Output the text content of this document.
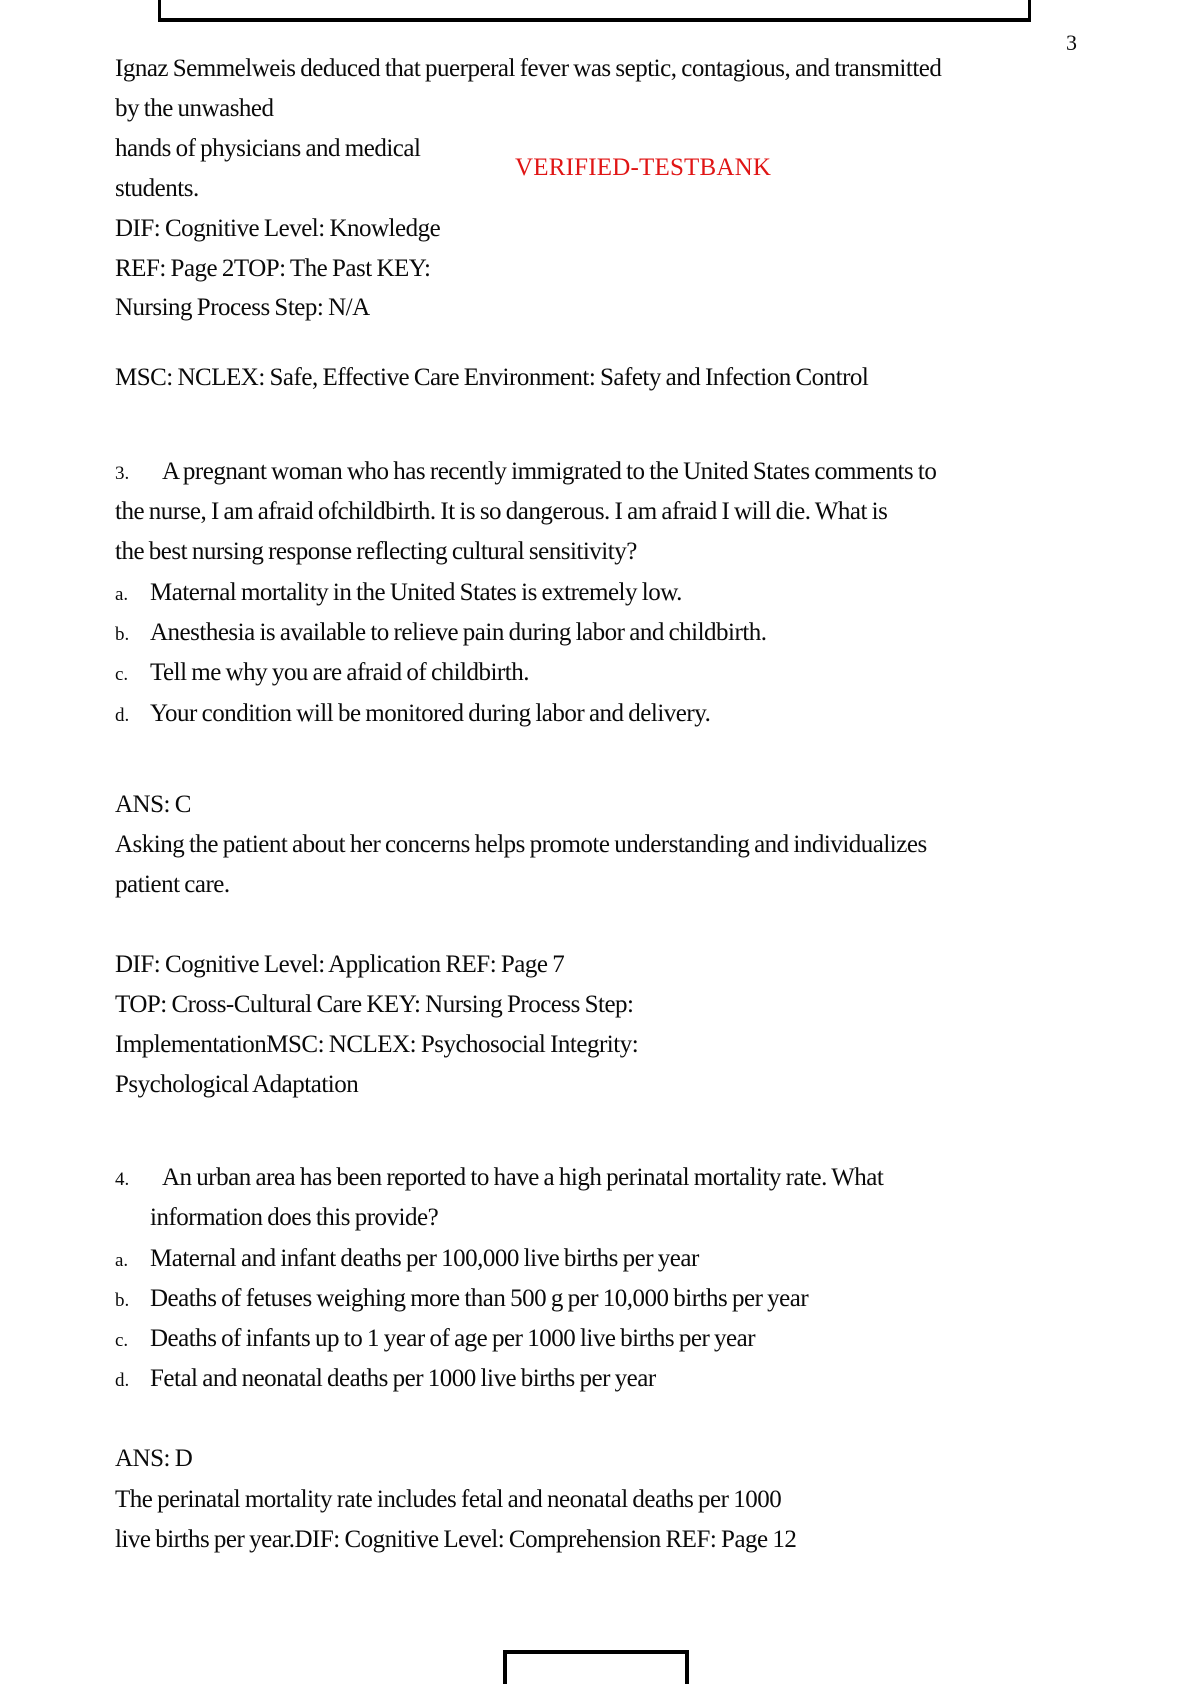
3
VERIFIED-TESTBANK
Ignaz Semmelweis deduced that puerperal fever was septic, contagious, and transmitted
by the unwashed
hands of physicians and medical
students.
DIF: Cognitive Level: Knowledge
REF: Page 2TOP: The Past KEY:
Nursing Process Step: N/A
MSC: NCLEX: Safe, Effective Care Environment: Safety and Infection Control
3. A pregnant woman who has recently immigrated to the United States comments to
the nurse, I am afraid ofchildbirth. It is so dangerous. I am afraid I will die. What is
the best nursing response reflecting cultural sensitivity?
a. Maternal mortality in the United States is extremely low.
b. Anesthesia is available to relieve pain during labor and childbirth.
c. Tell me why you are afraid of childbirth.
d. Your condition will be monitored during labor and delivery.
ANS: C
Asking the patient about her concerns helps promote understanding and individualizes
patient care.
DIF: Cognitive Level: Application REF: Page 7
TOP: Cross-Cultural Care KEY: Nursing Process Step:
ImplementationMSC: NCLEX: Psychosocial Integrity:
Psychological Adaptation
4. An urban area has been reported to have a high perinatal mortality rate. What
information does this provide?
a. Maternal and infant deaths per 100,000 live births per year
b. Deaths of fetuses weighing more than 500 g per 10,000 births per year
c. Deaths of infants up to 1 year of age per 1000 live births per year
d. Fetal and neonatal deaths per 1000 live births per year
ANS: D
The perinatal mortality rate includes fetal and neonatal deaths per 1000
live births per year.DIF: Cognitive Level: Comprehension REF: Page 12
